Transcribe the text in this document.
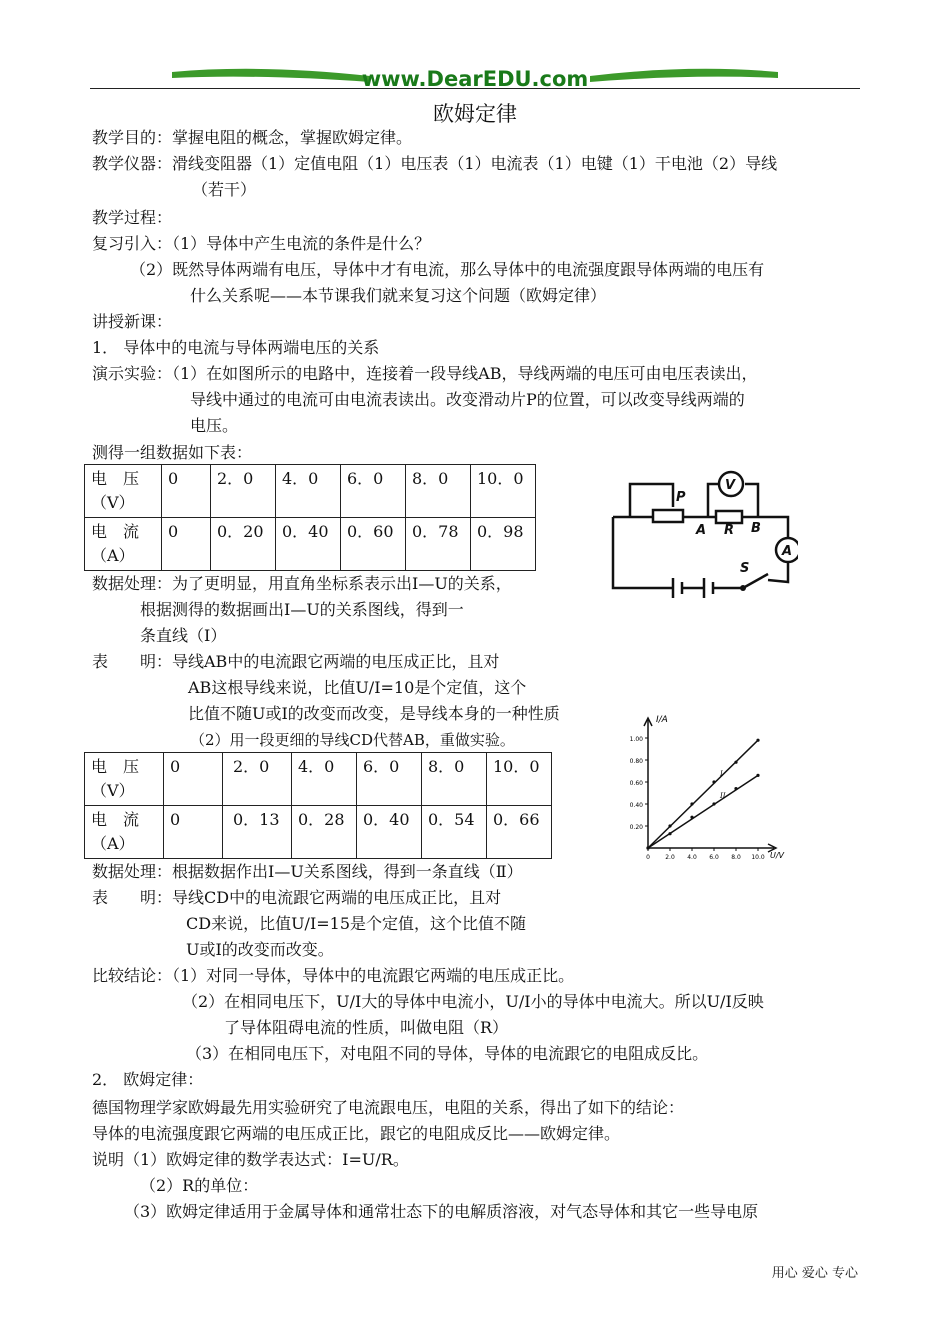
www.DearEDU.com
欧姆定律
教学目的：掌握电阻的概念，掌握欧姆定律。
教学仪器：滑线变阻器（1）定值电阻（1）电压表（1）电流表（1）电键（1）干电池（2）导线
（若干）
教学过程：
复习引入：（1）导体中产生电流的条件是什么？
（2）既然导体两端有电压，导体中才有电流，那么导体中的电流强度跟导体两端的电压有
什么关系呢——本节课我们就来复习这个问题（欧姆定律）
讲授新课：
1． 导体中的电流与导体两端电压的关系
演示实验：（1）在如图所示的电路中，连接着一段导线AB，导线两端的电压可由电压表读出，
导线中通过的电流可由电流表读出。改变滑动片P的位置，可以改变导线两端的
电压。
测得一组数据如下表：
电　压
（V）	0	2．0	4．0	6．0	8．0	10．0
电　流
（A）	0	0．20	0．40	0．60	0．78	0．98
P
V
A R B
A
S
数据处理：为了更明显，用直角坐标系表示出I—U的关系，
根据测得的数据画出I—U的关系图线，得到一
条直线（Ⅰ）
表　　明：导线AB中的电流跟它两端的电压成正比，且对
AB这根导线来说，比值U/I=10是个定值，这个
比值不随U或I的改变而改变，是导线本身的一种性质
（2）用一段更细的导线CD代替AB，重做实验。
电　压
（V）	0	2．0	4．0	6．0	8．0	10．0
电　流
（A）	0	0．13	0．28	0．40	0．54	0．66
I/A
U/V
1.00
0.80
0.60
0.40
0.20
0	2.0 4.0 6.0 8.0 10.0
I
II
数据处理：根据数据作出I—U关系图线，得到一条直线（Ⅱ）
表　　明：导线CD中的电流跟它两端的电压成正比，且对
CD来说，比值U/I=15是个定值，这个比值不随
U或I的改变而改变。
比较结论：（1）对同一导体，导体中的电流跟它两端的电压成正比。
（2）在相同电压下，U/I大的导体中电流小，U/I小的导体中电流大。所以U/I反映
了导体阻碍电流的性质，叫做电阻（R）
（3）在相同电压下，对电阻不同的导体，导体的电流跟它的电阻成反比。
2． 欧姆定律：
德国物理学家欧姆最先用实验研究了电流跟电压，电阻的关系，得出了如下的结论：
导体的电流强度跟它两端的电压成正比，跟它的电阻成反比——欧姆定律。
说明（1）欧姆定律的数学表达式：I=U/R。
（2）R的单位：
（3）欧姆定律适用于金属导体和通常壮态下的电解质溶液，对气态导体和其它一些导电原
用心 爱心 专心
